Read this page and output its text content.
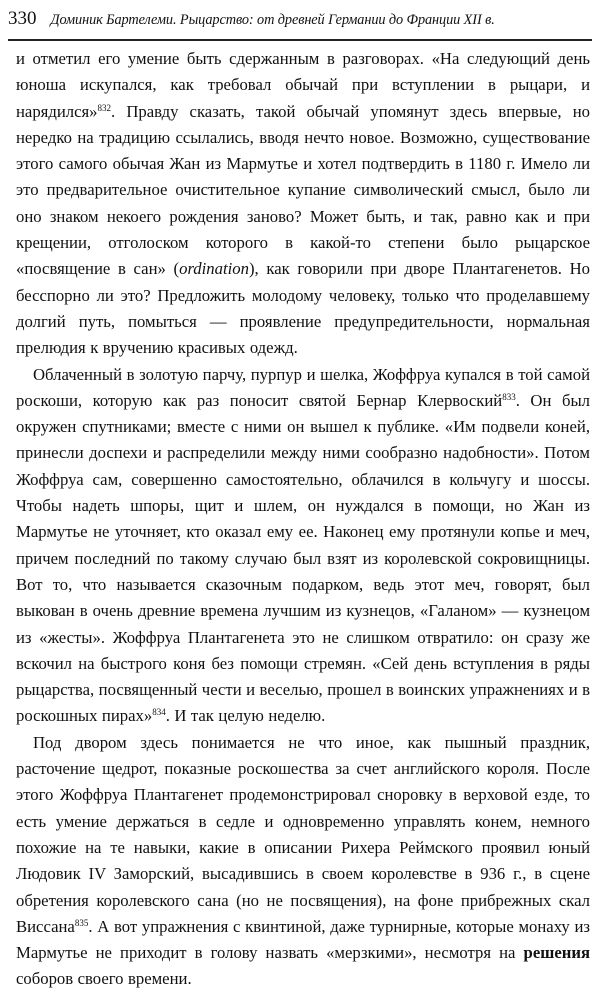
330 Доминик Бартелеми. Рыцарство: от древней Германии до Франции XII в.

и отметил его умение быть сдержанным в разговорах. «На следующий день юноша искупался, как требовал обычай при вступлении в рыцари, и нарядился»$^{832}$. Правду сказать, такой обычай упомянут здесь впервые, но нередко на традицию ссылались, вводя нечто новое. Возможно, существование этого самого обычая Жан из Мармутье и хотел подтвердить в 1180 г. Имело ли это предварительное очистительное купание символический смысл, было ли оно знаком некоего рождения заново? Может быть, и так, равно как и при крещении, отголоском которого в какой-то степени было рыцарское «посвящение в сан» (ordination), как говорили при дворе Плантагенетов. Но бесспорно ли это? Предложить молодому человеку, только что проделавшему долгий путь, помыться — проявление предупредительности, нормальная прелюдия к вручению красивых одежд.

Облаченный в золотую парчу, пурпур и шелка, Жоффруа купался в той самой роскоши, которую как раз поносит святой Бернар Клервоский$^{833}$. Он был окружен спутниками; вместе с ними он вышел к публике. «Им подвели коней, принесли доспехи и распределили между ними сообразно надобности». Потом Жоффруа сам, совершенно самостоятельно, облачился в кольчугу и шоссы. Чтобы надеть шпоры, щит и шлем, он нуждался в помощи, но Жан из Мармутье не уточняет, кто оказал ему ее. Наконец ему протянули копье и меч, причем последний по такому случаю был взят из королевской сокровищницы. Вот то, что называется сказочным подарком, ведь этот меч, говорят, был выкован в очень древние времена лучшим из кузнецов, «Галаном» — кузнецом из «жесты». Жоффруа Плантагенета это не слишком отвратило: он сразу же вскочил на быстрого коня без помощи стремян. «Сей день вступления в ряды рыцарства, посвященный чести и веселью, прошел в воинских упражнениях и в роскошных пирах»$^{834}$. И так целую неделю.

Под двором здесь понимается не что иное, как пышный праздник, расточение щедрот, показные роскошества за счет английского короля. После этого Жоффруа Плантагенет продемонстрировал сноровку в верховой езде, то есть умение держаться в седле и одновременно управлять конем, немного похожие на те навыки, какие в описании Рихера Реймского проявил юный Людовик IV Заморский, высадившись в своем королевстве в 936 г., в сцене обретения королевского сана (но не посвящения), на фоне прибрежных скал Виссана$^{835}$. А вот упражнения с квинтиной, даже турнирные, которые монаху из Мармутье не приходит в голову назвать «мерзкими», несмотря на решения соборов своего времени.
